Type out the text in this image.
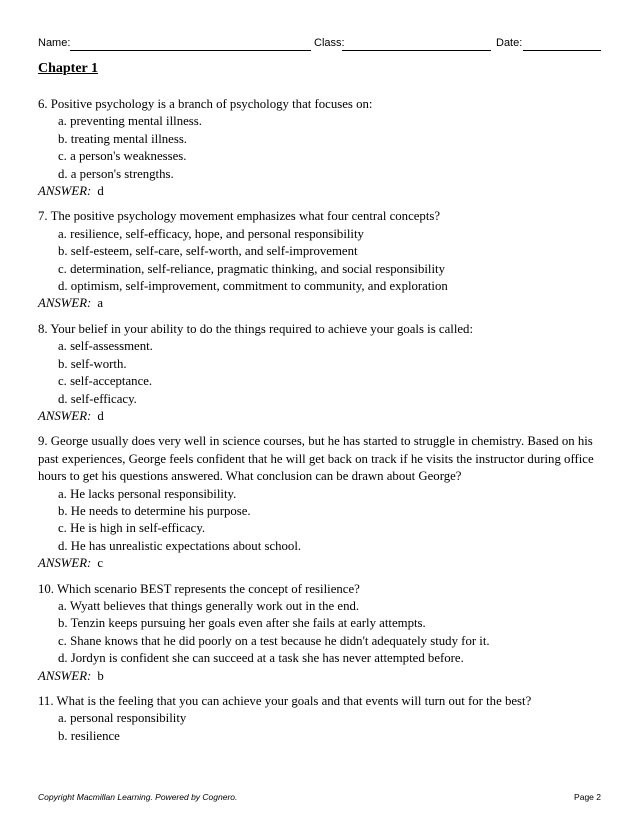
Name:	Class:	Date:
Chapter 1

6. Positive psychology is a branch of psychology that focuses on:

a. preventing mental illness.

b. treating mental illness.

c. a person's weaknesses.

d. a person's strengths.

ANSWER: d

7. The positive psychology movement emphasizes what four central concepts?

a. resilience, self-efficacy, hope, and personal responsibility

b. self-esteem, self-care, self-worth, and self-improvement

c. determination, self-reliance, pragmatic thinking, and social responsibility

d. optimism, self-improvement, commitment to community, and exploration

ANSWER: a

8. Your belief in your ability to do the things required to achieve your goals is called:

a. self-assessment.

b. self-worth.

c. self-acceptance.

d. self-efficacy.

ANSWER: d

9. George usually does very well in science courses, but he has started to struggle in chemistry. Based on his past experiences, George feels confident that he will get back on track if he visits the instructor during office hours to get his questions answered. What conclusion can be drawn about George?

a. He lacks personal responsibility.

b. He needs to determine his purpose.

c. He is high in self-efficacy.

d. He has unrealistic expectations about school.

ANSWER: c

10. Which scenario BEST represents the concept of resilience?

a. Wyatt believes that things generally work out in the end.

b. Tenzin keeps pursuing her goals even after she fails at early attempts.

c. Shane knows that he did poorly on a test because he didn't adequately study for it.

d. Jordyn is confident she can succeed at a task she has never attempted before.

ANSWER: b

11. What is the feeling that you can achieve your goals and that events will turn out for the best?

a. personal responsibility

b. resilience

Copyright Macmillan Learning. Powered by Cognero.	Page 2
